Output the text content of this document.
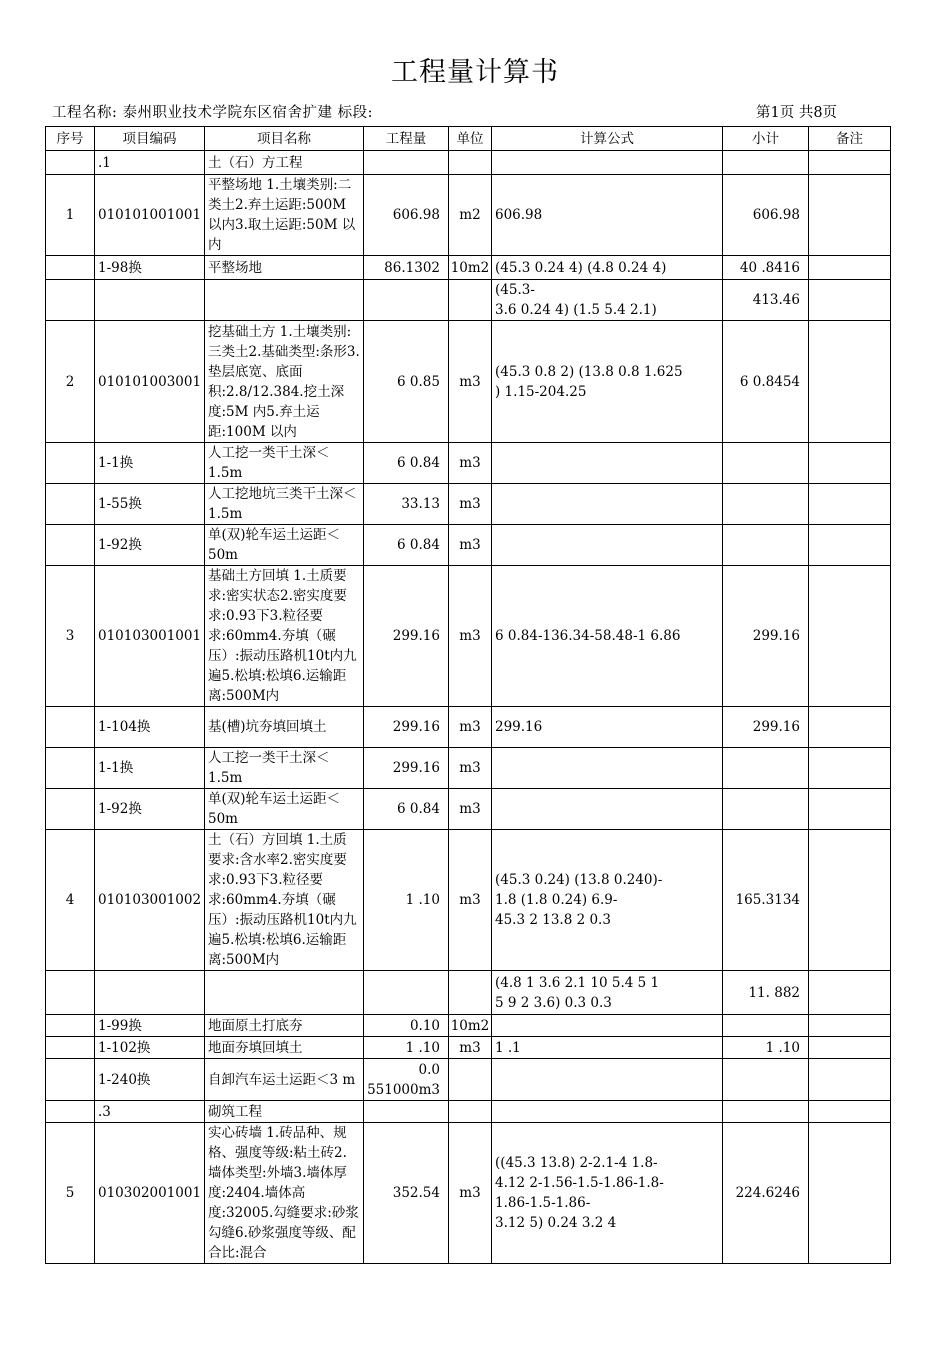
工程量计算书
工程名称: 泰州职业技术学院东区宿舍扩建 标段:	第1页 共8页
序号	项目编码	项目名称	工程量	单位	计算公式	小计	备注
	.1	土（石）方工程					
1	010101001001	平整场地 1.土壤类别:二类土2.弃土运距:500M 以内3.取土运距:50M 以内	606.98	m2	606.98	606.98	
	1-98换	平整场地	86.1302	10m2	(45.3 0.24 4) (4.8 0.24 4)	40 .8416	
					(45.3-
3.6 0.24 4) (1.5 5.4 2.1)	413.46	
2	010101003001	挖基础土方 1.土壤类别:三类土2.基础类型:条形3.垫层底宽、底面积:2.8/12.384.挖土深度:5M 内5.弃土运距:100M 以内	6 0.85	m3	(45.3 0.8 2) (13.8 0.8 1.625
) 1.15-204.25	6 0.8454	
	1-1换	人工挖一类干土深＜1.5m	6 0.84	m3			
	1-55换	人工挖地坑三类干土深＜1.5m	33.13	m3			
	1-92换	单(双)轮车运土运距＜50m	6 0.84	m3			
3	010103001001	基础土方回填 1.土质要求:密实状态2.密实度要求:0.93下3.粒径要求:60mm4.夯填（碾压）:振动压路机10t内九遍5.松填:松填6.运输距离:500M内	299.16	m3	6 0.84-136.34-58.48-1 6.86	299.16	
	1-104换	基(槽)坑夯填回填土	299.16	m3	299.16	299.16	
	1-1换	人工挖一类干土深＜1.5m	299.16	m3			
	1-92换	单(双)轮车运土运距＜50m	6 0.84	m3			
4	010103001002	土（石）方回填 1.土质要求:含水率2.密实度要求:0.93下3.粒径要求:60mm4.夯填（碾压）:振动压路机10t内九遍5.松填:松填6.运输距离:500M内	1 .10	m3	(45.3 0.24) (13.8 0.240)-
1.8 (1.8 0.24) 6.9-
45.3 2 13.8 2 0.3	165.3134	
					(4.8 1 3.6 2.1 10 5.4 5 1
5 9 2 3.6) 0.3 0.3	11. 882	
	1-99换	地面原土打底夯	0.10	10m2			
	1-102换	地面夯填回填土	1 .10	m3	1 .1	1 .10	
	1-240换	自卸汽车运土运距＜3 m	0.0 551000m3				
	.3	砌筑工程					
5	010302001001	实心砖墙 1.砖品种、规格、强度等级:粘土砖2.墙体类型:外墙3.墙体厚度:2404.墙体高度:32005.勾缝要求:砂浆勾缝6.砂浆强度等级、配合比:混合	352.54	m3	((45.3 13.8) 2-2.1-4 1.8-
4.12 2-1.56-1.5-1.86-1.8-
1.86-1.5-1.86-
3.12 5) 0.24 3.2 4	224.6246	
